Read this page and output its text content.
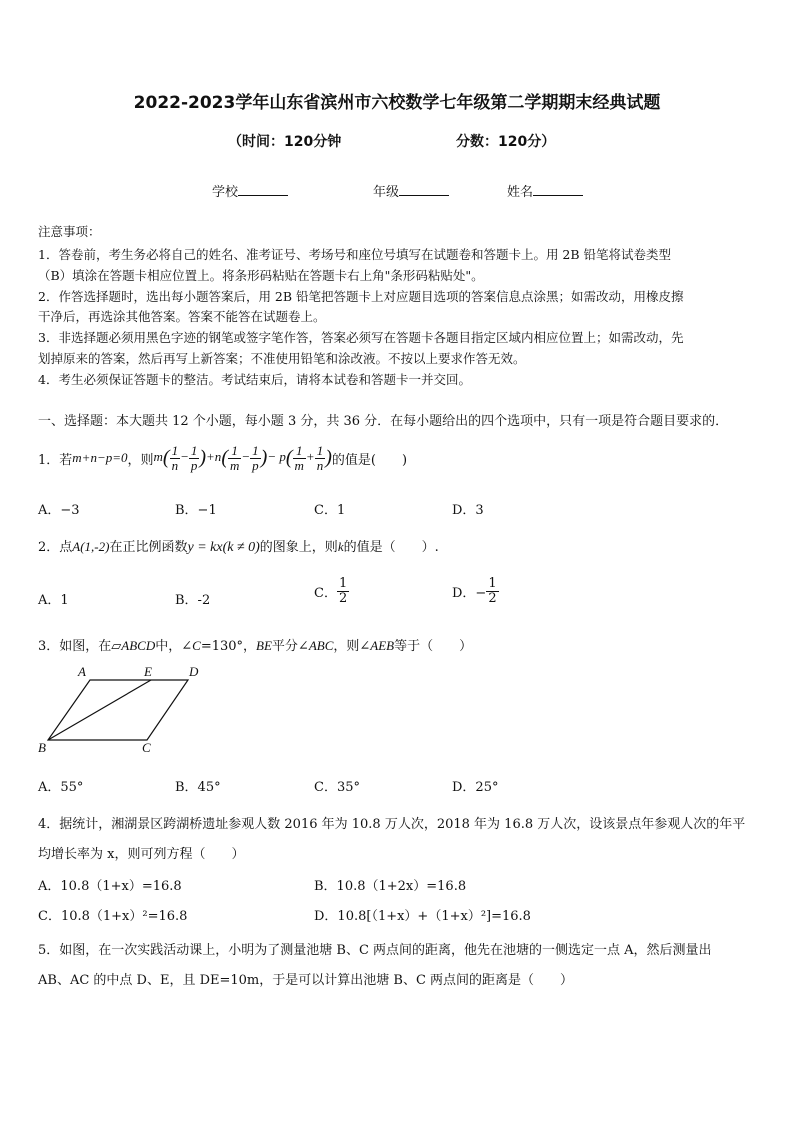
2022-2023学年山东省滨州市六校数学七年级第二学期期末经典试题
（时间：120分钟	分数：120分）
学校	年级	姓名
注意事项：
1．答卷前，考生务必将自己的姓名、准考证号、考场号和座位号填写在试题卷和答题卡上。用 2B 铅笔将试卷类型
（B）填涂在答题卡相应位置上。将条形码粘贴在答题卡右上角"条形码粘贴处"。
2．作答选择题时，选出每小题答案后，用 2B 铅笔把答题卡上对应题目选项的答案信息点涂黑；如需改动，用橡皮擦
干净后，再选涂其他答案。答案不能答在试题卷上。
3．非选择题必须用黑色字迹的钢笔或签字笔作答，答案必须写在答题卡各题目指定区域内相应位置上；如需改动，先
划掉原来的答案，然后再写上新答案；不准使用铅笔和涂改液。不按以上要求作答无效。
4．考生必须保证答题卡的整洁。考试结束后，请将本试卷和答题卡一并交回。
一、选择题：本大题共 12 个小题，每小题 3 分，共 36 分．在每小题给出的四个选项中，只有一项是符合题目要求的．
1．若 m+n−p=0 ，则 $m( \frac{1}{n} - \frac{1}{p} )+n( \frac{1}{m} - \frac{1}{p}$ )− $p( \frac{1}{m} + \frac{1}{n}$ ) 的值是(　　)
A．−3	B．−1	C．1	D．3
2．点A(1,-2)在正比例函数y = kx(k ≠ 0)的图象上，则k的值是（　　）.
A．1	B．-2	C． $\frac{1}{2}$	D．− $\frac{1}{2}$
3．如图，在▱ABCD中，∠C=130°，BE平分∠ABC，则∠AEB等于（　　）
A	E	D
B	C
A．55°	B．45°	C．35°	D．25°
4．据统计，湘湖景区跨湖桥遗址参观人数 2016 年为 10.8 万人次，2018 年为 16.8 万人次，设该景点年参观人次的年平
均增长率为 x，则可列方程（　　）
A．10.8（1+x）=16.8	B．10.8（1+2x）=16.8
C．10.8（1+x）²=16.8	D．10.8[（1+x）+（1+x）²]=16.8
5．如图，在一次实践活动课上，小明为了测量池塘 B、C 两点间的距离，他先在池塘的一侧选定一点 A，然后测量出
AB、AC 的中点 D、E，且 DE=10m，于是可以计算出池塘 B、C 两点间的距离是（　　）
